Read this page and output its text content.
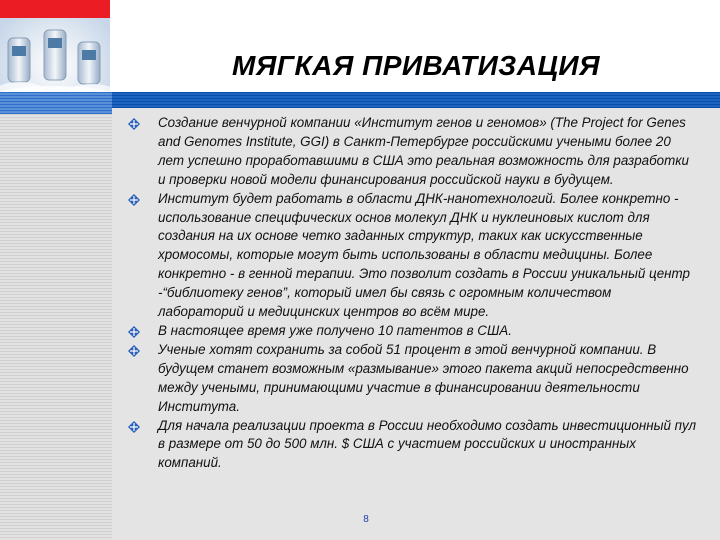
МЯГКАЯ ПРИВАТИЗАЦИЯ
Создание венчурной компании «Институт генов и геномов» (The Project for Genes and Genomes Institute, GGI) в Санкт-Петербурге российскими учеными более 20 лет успешно проработавшими в США это реальная возможность для разработки и проверки новой модели финансирования российской науки в будущем.
Институт будет работать в области ДНК-нанотехнологий. Более конкретно - использование специфических основ молекул ДНК и нуклеиновых кислот для создания на их основе четко заданных структур, таких как искусственные хромосомы, которые могут быть использованы в области медицины. Более конкретно - в генной терапии. Это позволит создать в России уникальный центр -“библиотеку генов”, который имел бы связь с огромным количеством лабораторий и медицинских центров во всём мире.
В настоящее время уже получено 10 патентов в США.
Ученые хотят сохранить за собой 51 процент в этой венчурной компании. В будущем станет возможным «размывание» этого пакета акций непосредственно между учеными, принимающими участие в финансировании деятельности Института.
Для начала реализации проекта в России необходимо создать инвестиционный пул в размере от 50 до 500 млн. $ США с участием российских и иностранных компаний.
8
